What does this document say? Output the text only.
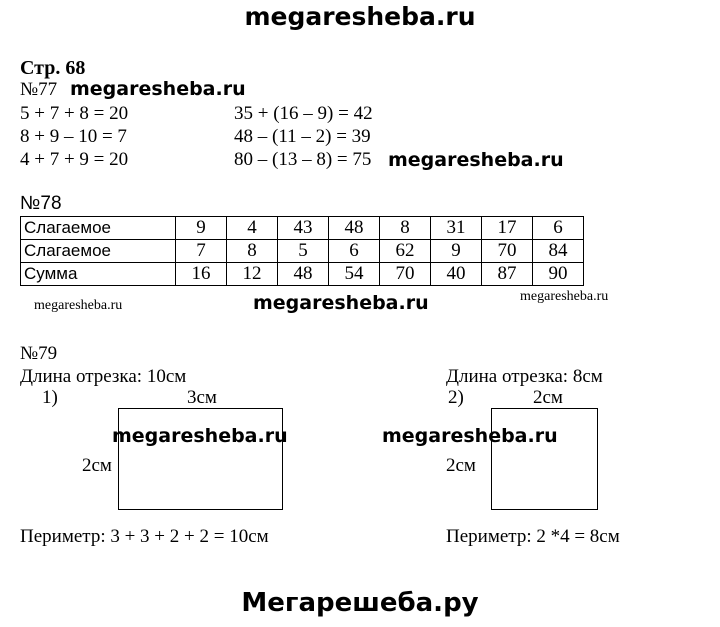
megaresheba.ru
Стр. 68
№77 megaresheba.ru
5 + 7 + 8 = 20
8 + 9 – 10 = 7
4 + 7 + 9 = 20
35 + (16 – 9) = 42
48 – (11 – 2) = 39
80 – (13 – 8) = 75 megaresheba.ru
№78
Слагаемое	9	4	43	48	8	31	17	6
Слагаемое	7	8	5	6	62	9	70	84
Сумма	16	12	48	54	70	40	87	90
megaresheba.ru	megaresheba.ru	megaresheba.ru
№79
Длина отрезка: 10см
1)	3см
2см
megaresheba.ru
Периметр: 3 + 3 + 2 + 2 = 10см
Длина отрезка: 8см
2)	2см
2см
megaresheba.ru
Периметр: 2 *4 = 8см
Мегарешеба.ру
